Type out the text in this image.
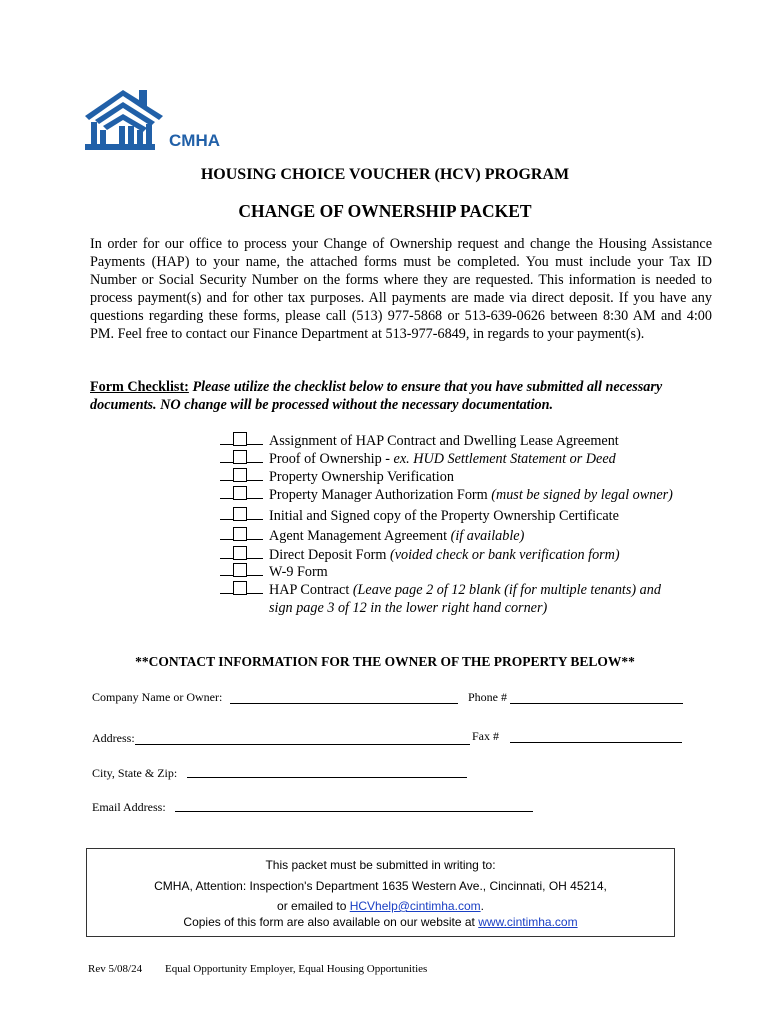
CMHA
HOUSING CHOICE VOUCHER (HCV) PROGRAM
CHANGE OF OWNERSHIP PACKET
In order for our office to process your Change of Ownership request and change the Housing Assistance Payments (HAP) to your name, the attached forms must be completed. You must include your Tax ID Number or Social Security Number on the forms where they are requested. This information is needed to process payment(s) and for other tax purposes. All payments are made via direct deposit. If you have any questions regarding these forms, please call (513) 977-5868 or 513-639-0626 between 8:30 AM and 4:00 PM. Feel free to contact our Finance Department at 513-977-6849, in regards to your payment(s).
Form Checklist: Please utilize the checklist below to ensure that you have submitted all necessary documents. NO change will be processed without the necessary documentation.
Assignment of HAP Contract and Dwelling Lease Agreement
Proof of Ownership - ex. HUD Settlement Statement or Deed
Property Ownership Verification
Property Manager Authorization Form (must be signed by legal owner)
Initial and Signed copy of the Property Ownership Certificate
Agent Management Agreement (if available)
Direct Deposit Form (voided check or bank verification form)
W-9 Form
HAP Contract (Leave page 2 of 12 blank (if for multiple tenants) and
sign page 3 of 12 in the lower right hand corner)
**CONTACT INFORMATION FOR THE OWNER OF THE PROPERTY BELOW**
Company Name or Owner:	Phone #
Address:	Fax #
City, State & Zip:
Email Address:

This packet must be submitted in writing to:

CMHA, Attention: Inspection's Department 1635 Western Ave., Cincinnati, OH 45214,

or emailed to HCVhelp@cintimha.com.

Copies of this form are also available on our website at www.cintimha.com

Rev 5/08/24 Equal Opportunity Employer, Equal Housing Opportunities
